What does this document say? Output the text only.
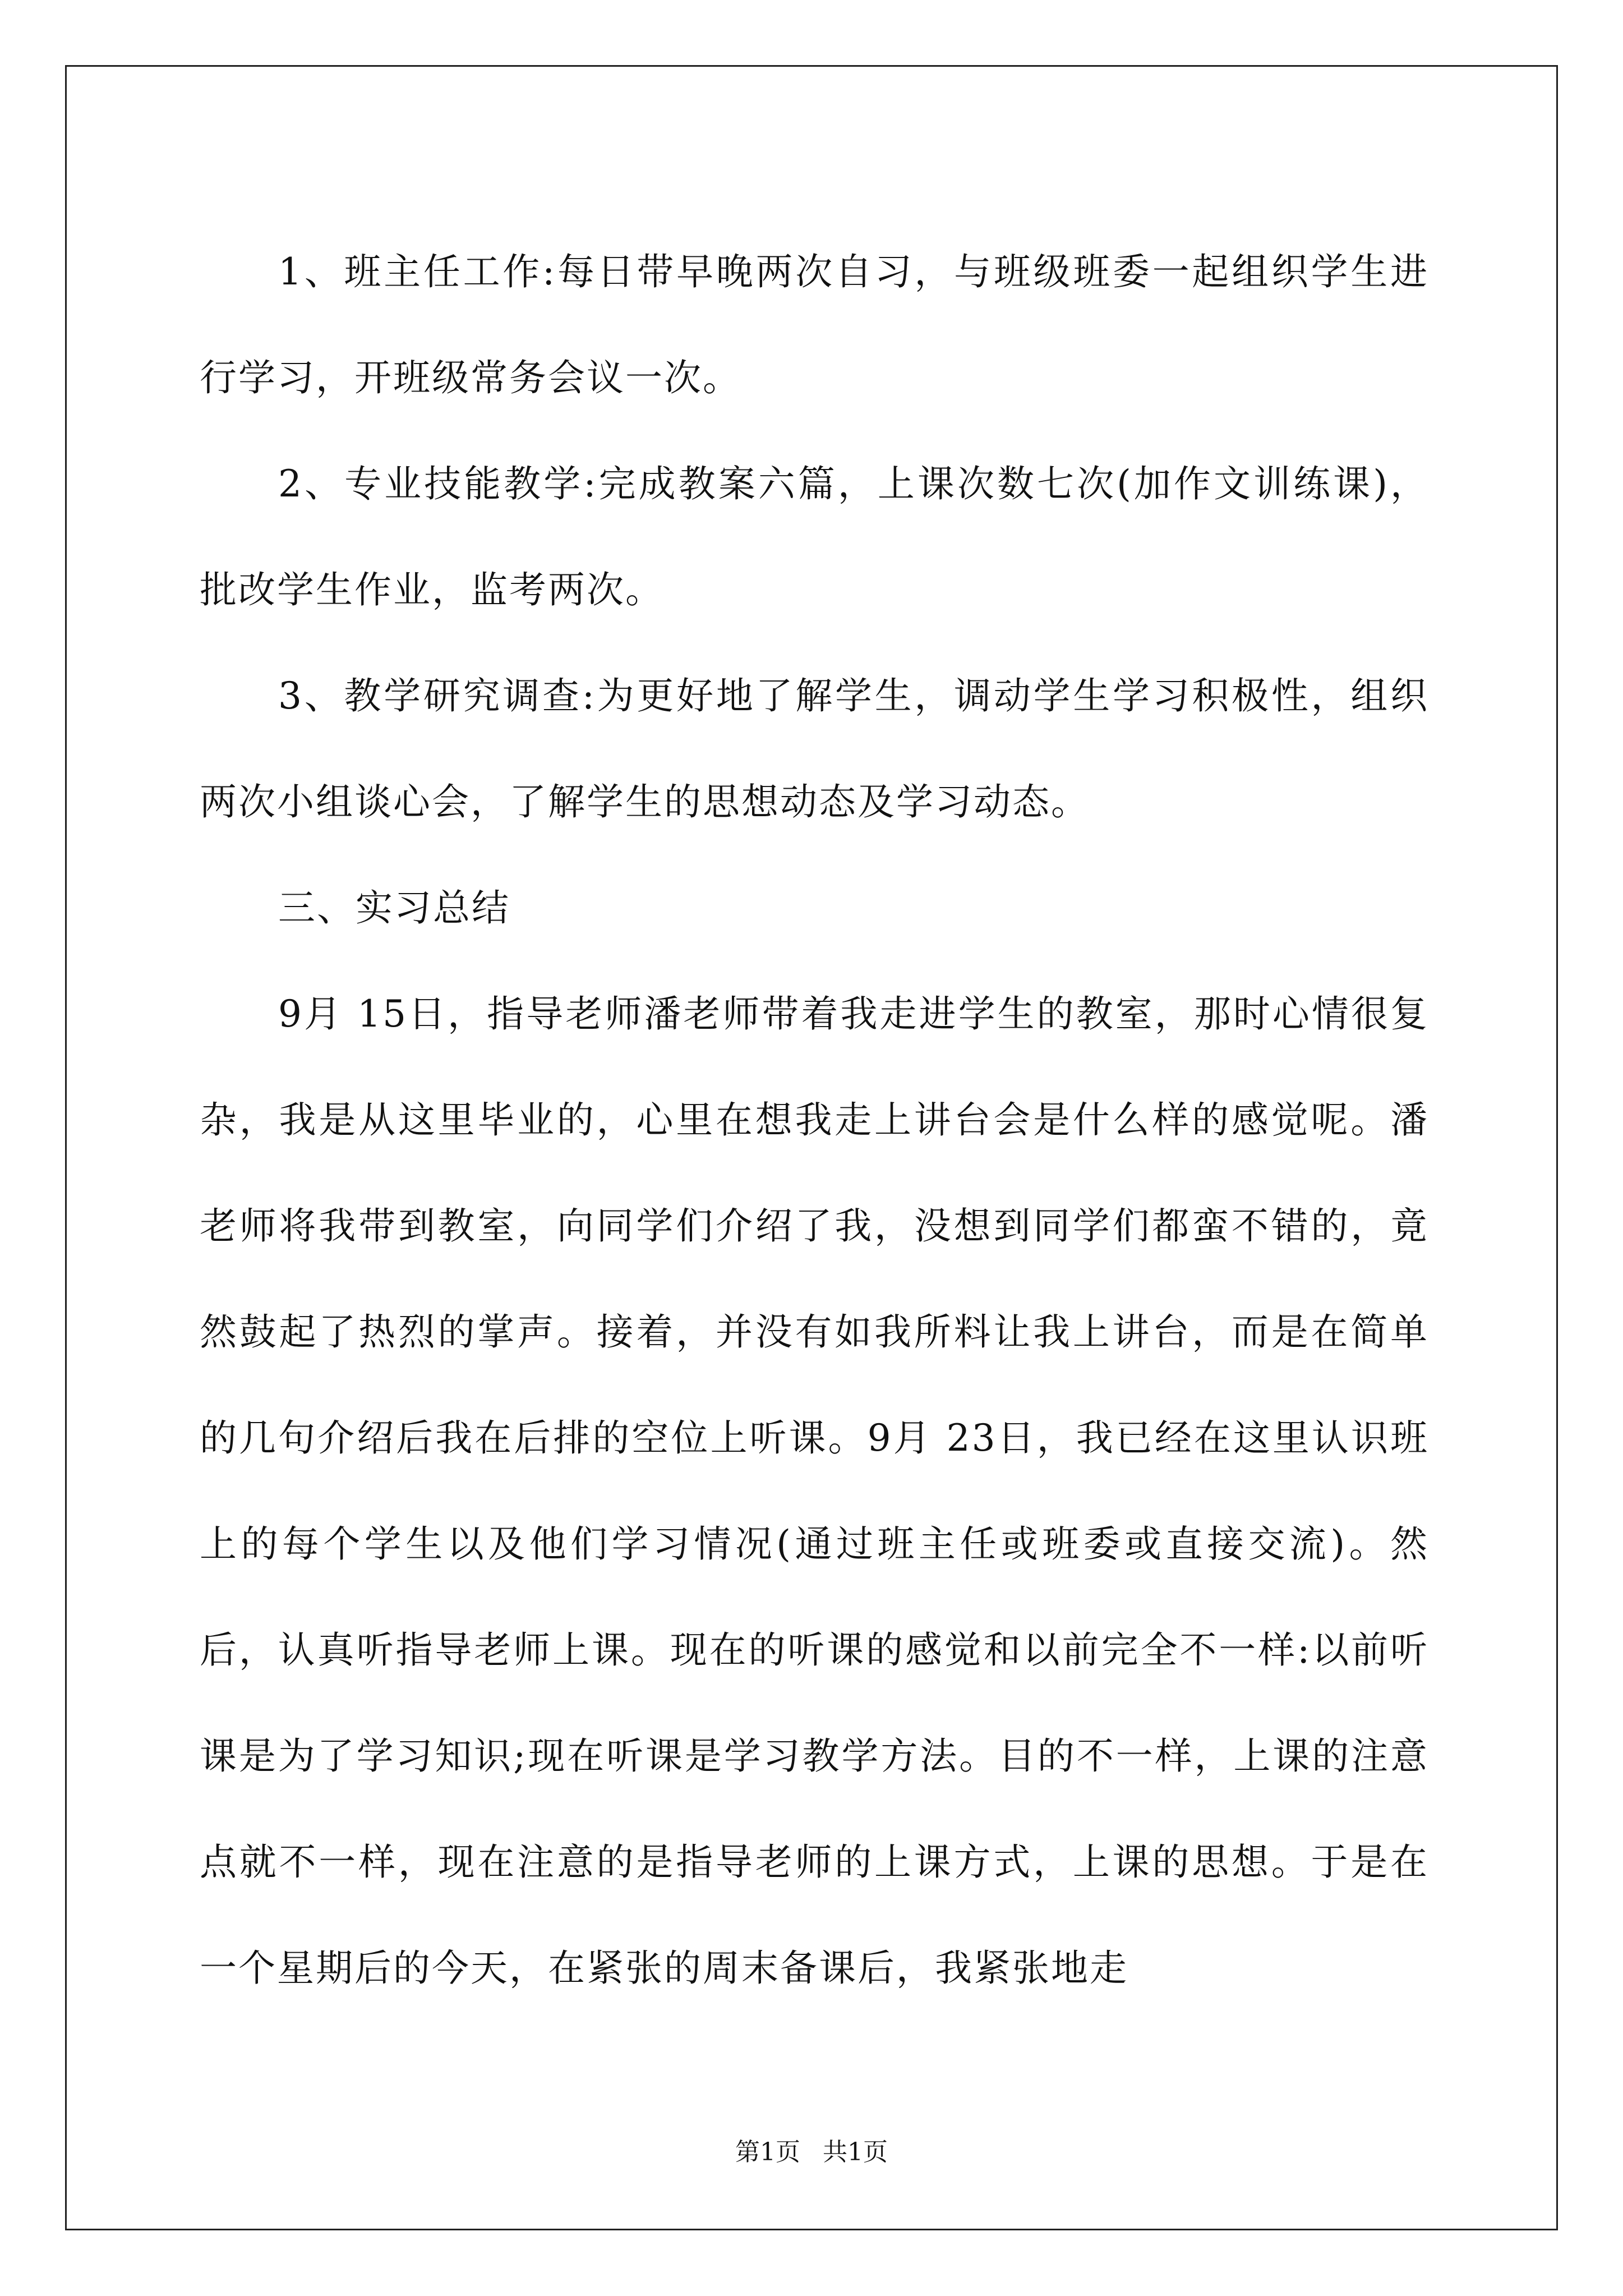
1、班主任工作:每日带早晚两次自习，与班级班委一起组织学生进行学习，开班级常务会议一次。

2、专业技能教学:完成教案六篇，上课次数七次(加作文训练课)，批改学生作业，监考两次。

3、教学研究调查:为更好地了解学生，调动学生学习积极性，组织两次小组谈心会，了解学生的思想动态及学习动态。

三、实习总结

9月 15日，指导老师潘老师带着我走进学生的教室，那时心情很复杂，我是从这里毕业的，心里在想我走上讲台会是什么样的感觉呢。潘老师将我带到教室，向同学们介绍了我，没想到同学们都蛮不错的，竟然鼓起了热烈的掌声。接着，并没有如我所料让我上讲台，而是在简单的几句介绍后我在后排的空位上听课。9月 23日，我已经在这里认识班上的每个学生以及他们学习情况(通过班主任或班委或直接交流)。然后，认真听指导老师上课。现在的听课的感觉和以前完全不一样:以前听课是为了学习知识;现在听课是学习教学方法。目的不一样，上课的注意点就不一样，现在注意的是指导老师的上课方式，上课的思想。于是在一个星期后的今天，在紧张的周末备课后，我紧张地走

第1页 共1页
